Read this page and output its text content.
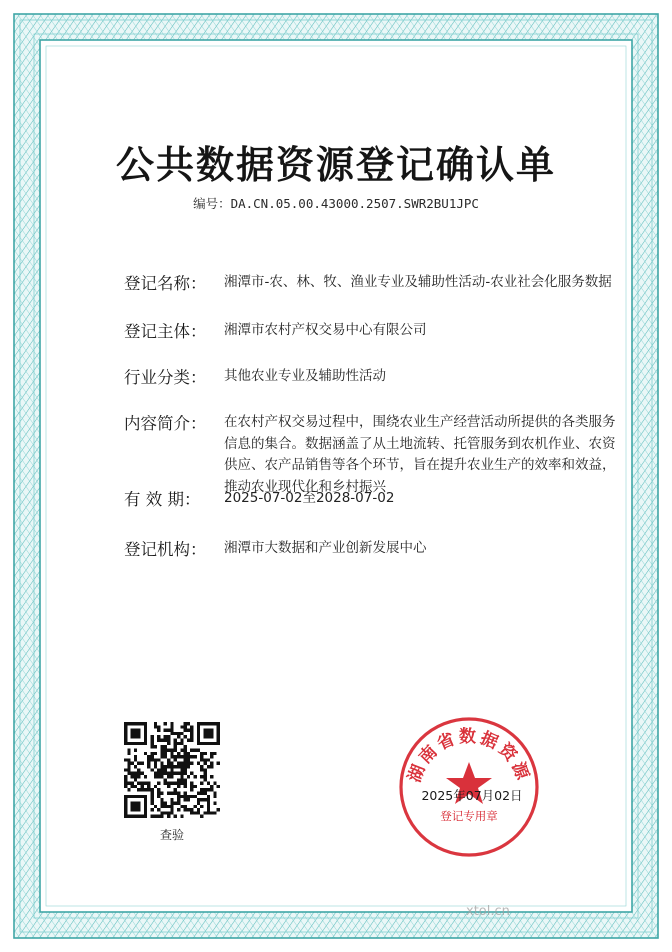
公共数据资源登记确认单
编号：DA.CN.05.00.43000.2507.SWR2BU1JPC
登记名称：	湘潭市-农、林、牧、渔业专业及辅助性活动-农业社会化服务数据
登记主体：	湘潭市农村产权交易中心有限公司
行业分类：	其他农业专业及辅助性活动
内容简介：	在农村产权交易过程中，围绕农业生产经营活动所提供的各类服务信息的集合。数据涵盖了从土地流转、托管服务到农机作业、农资供应、农产品销售等各个环节，旨在提升农业生产的效率和效益，推动农业现代化和乡村振兴
有 效 期：	2025-07-02至2028-07-02
登记机构：	湘潭市大数据和产业创新发展中心
查验
湖南省数据资源
登记专用章
2025年07月02日
xtol.cn
